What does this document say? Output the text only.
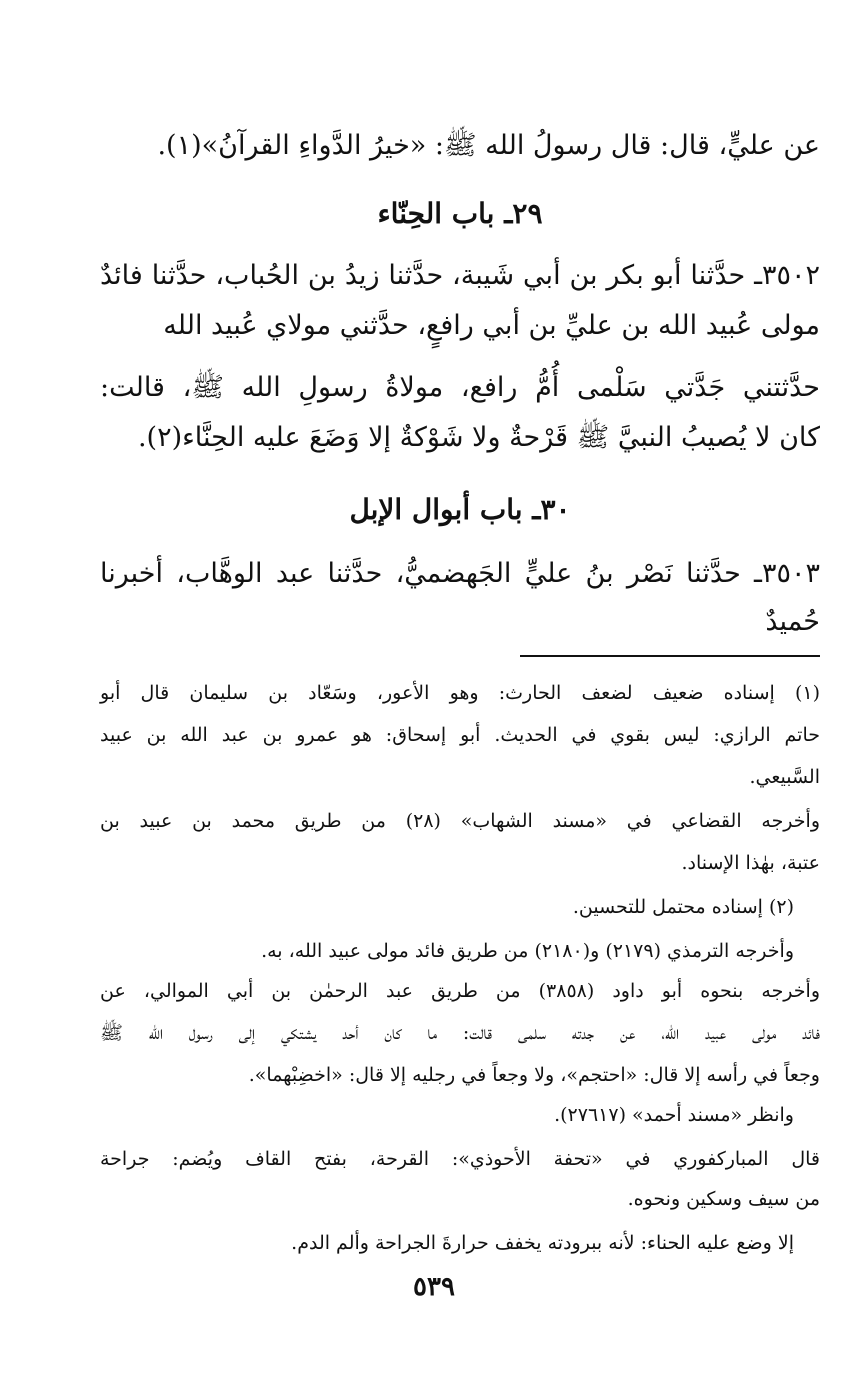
عن عليٍّ، قال: قال رسولُ الله ﷺ: «خيرُ الدَّواءِ القرآنُ»(١).
٢٩ـ باب الحِنّاء
٣٥٠٢ـ حدَّثنا أبو بكر بن أبي شَيبة، حدَّثنا زيدُ بن الحُباب، حدَّثنا فائدٌ
مولى عُبيد الله بن عليِّ بن أبي رافعٍ، حدَّثني مولاي عُبيد الله
حدَّثتني جَدَّتي سَلْمى أُمُّ رافع، مولاةُ رسولِ الله ﷺ، قالت:
كان لا يُصيبُ النبيَّ ﷺ قَرْحةٌ ولا شَوْكةٌ إلا وَضَعَ عليه الحِنَّاء(٢).
٣٠ـ باب أبوال الإبل
٣٥٠٣ـ حدَّثنا نَصْر بنُ عليٍّ الجَهضميُّ، حدَّثنا عبد الوهَّاب، أخبرنا
حُميدٌ
(١) إسناده ضعيف لضعف الحارث: وهو الأعور، وسَعّاد بن سليمان قال أبو
حاتم الرازي: ليس بقوي في الحديث. أبو إسحاق: هو عمرو بن عبد الله بن عبيد
السَّبيعي.
وأخرجه القضاعي في «مسند الشهاب» (٢٨) من طريق محمد بن عبيد بن
عتبة، بهٰذا الإسناد.
(٢) إسناده محتمل للتحسين.
وأخرجه الترمذي (٢١٧٩) و(٢١٨٠) من طريق فائد مولى عبيد الله، به.
وأخرجه بنحوه أبو داود (٣٨٥٨) من طريق عبد الرحمٰن بن أبي الموالي، عن
فائد مولى عبيد الله، عن جدته سلمى قالت: ما كان أحد يشتكي إلى رسول الله ﷺ
وجعاً في رأسه إلا قال: «احتجم»، ولا وجعاً في رجليه إلا قال: «اخضِبْهما».
وانظر «مسند أحمد» (٢٧٦١٧).
قال المباركفوري في «تحفة الأحوذي»: القرحة، بفتح القاف ويُضم: جراحة
من سيف وسكين ونحوه.
إلا وضع عليه الحناء: لأنه ببرودته يخفف حرارةَ الجراحة وألم الدم.
٥٣٩
